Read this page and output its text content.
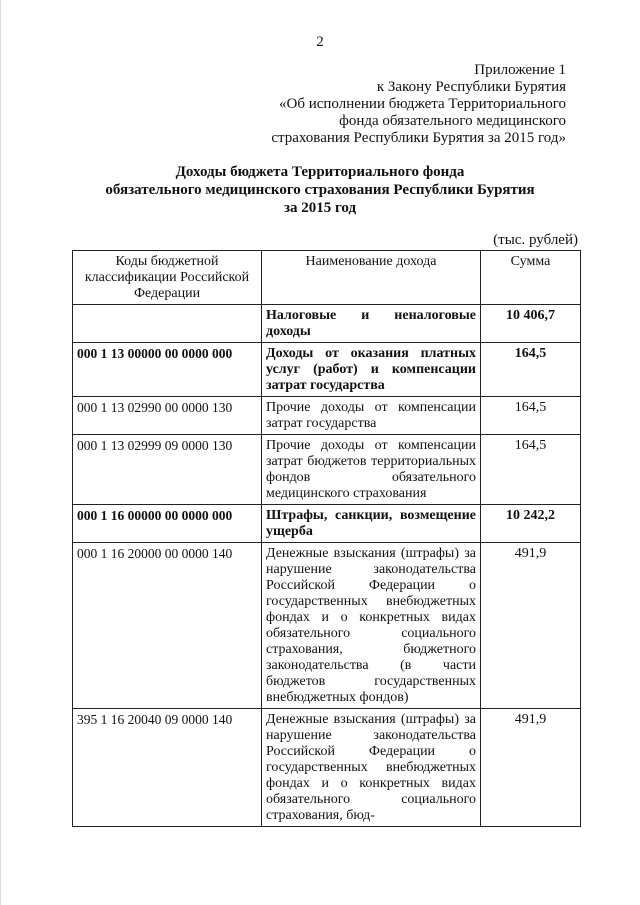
2
Приложение 1
к Закону Республики Бурятия
«Об исполнении бюджета Территориального
фонда обязательного медицинского
страхования Республики Бурятия за 2015 год»
Доходы бюджета Территориального фонда
обязательного медицинского страхования Республики Бурятия
за 2015 год
(тыс. рублей)
Коды бюджетной классификации Российской Федерации	Наименование дохода	Сумма
	Налоговые и неналоговые доходы	10 406,7
000 1 13 00000 00 0000 000	Доходы от оказания платных услуг (работ) и компенсации затрат государства	164,5
000 1 13 02990 00 0000 130	Прочие доходы от компенсации затрат государства	164,5
000 1 13 02999 09 0000 130	Прочие доходы от компенсации затрат бюджетов территориальных фондов обязательного медицинского страхования	164,5
000 1 16 00000 00 0000 000	Штрафы, санкции, возмещение ущерба	10 242,2
000 1 16 20000 00 0000 140	Денежные взыскания (штрафы) за нарушение законодательства Российской Федерации о государственных внебюджетных фондах и о конкретных видах обязательного социального страхования, бюджетного законодательства (в части бюджетов государственных внебюджетных фондов)	491,9
395 1 16 20040 09 0000 140	Денежные взыскания (штрафы) за нарушение законодательства Российской Федерации о государственных внебюджетных фондах и о конкретных видах обязательного социального страхования, бюд-	491,9
